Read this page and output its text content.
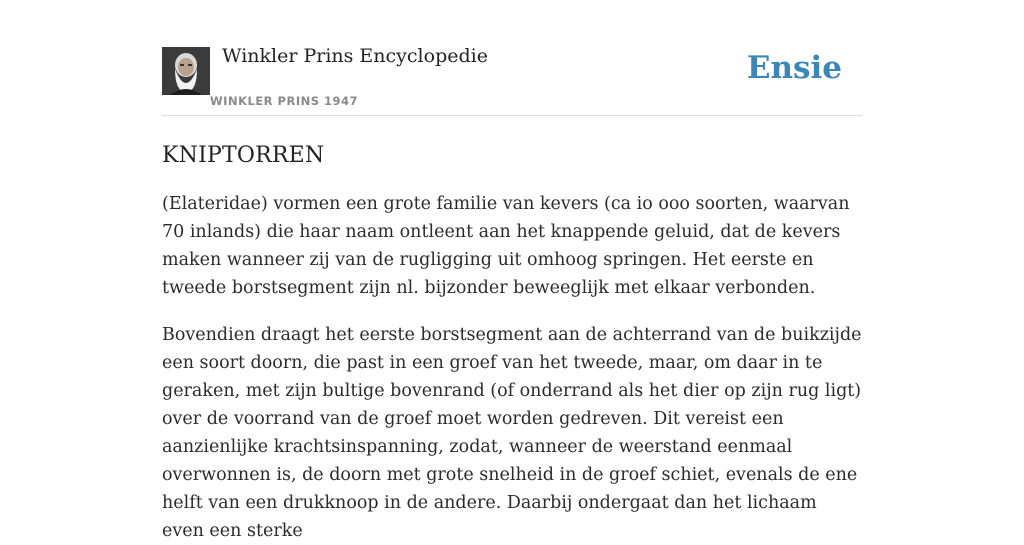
Winkler Prins Encyclopedie
WINKLER PRINS 1947
Ensie
KNIPTORREN

(Elateridae) vormen een grote familie van kevers (ca io ooo soorten, waarvan 70 inlands) die haar naam ontleent aan het knappende geluid, dat de kevers maken wanneer zij van de rugligging uit omhoog springen. Het eerste en tweede borstsegment zijn nl. bijzonder beweeglijk met elkaar verbonden.

Bovendien draagt het eerste borstsegment aan de achterrand van de buikzijde een soort doorn, die past in een groef van het tweede, maar, om daar in te geraken, met zijn bultige bovenrand (of onderrand als het dier op zijn rug ligt) over de voorrand van de groef moet worden gedreven. Dit vereist een aanzienlijke krachtsinspanning, zodat, wanneer de weerstand eenmaal overwonnen is, de doorn met grote snelheid in de groef schiet, evenals de ene helft van een drukknoop in de andere. Daarbij ondergaat dan het lichaam even een sterke
